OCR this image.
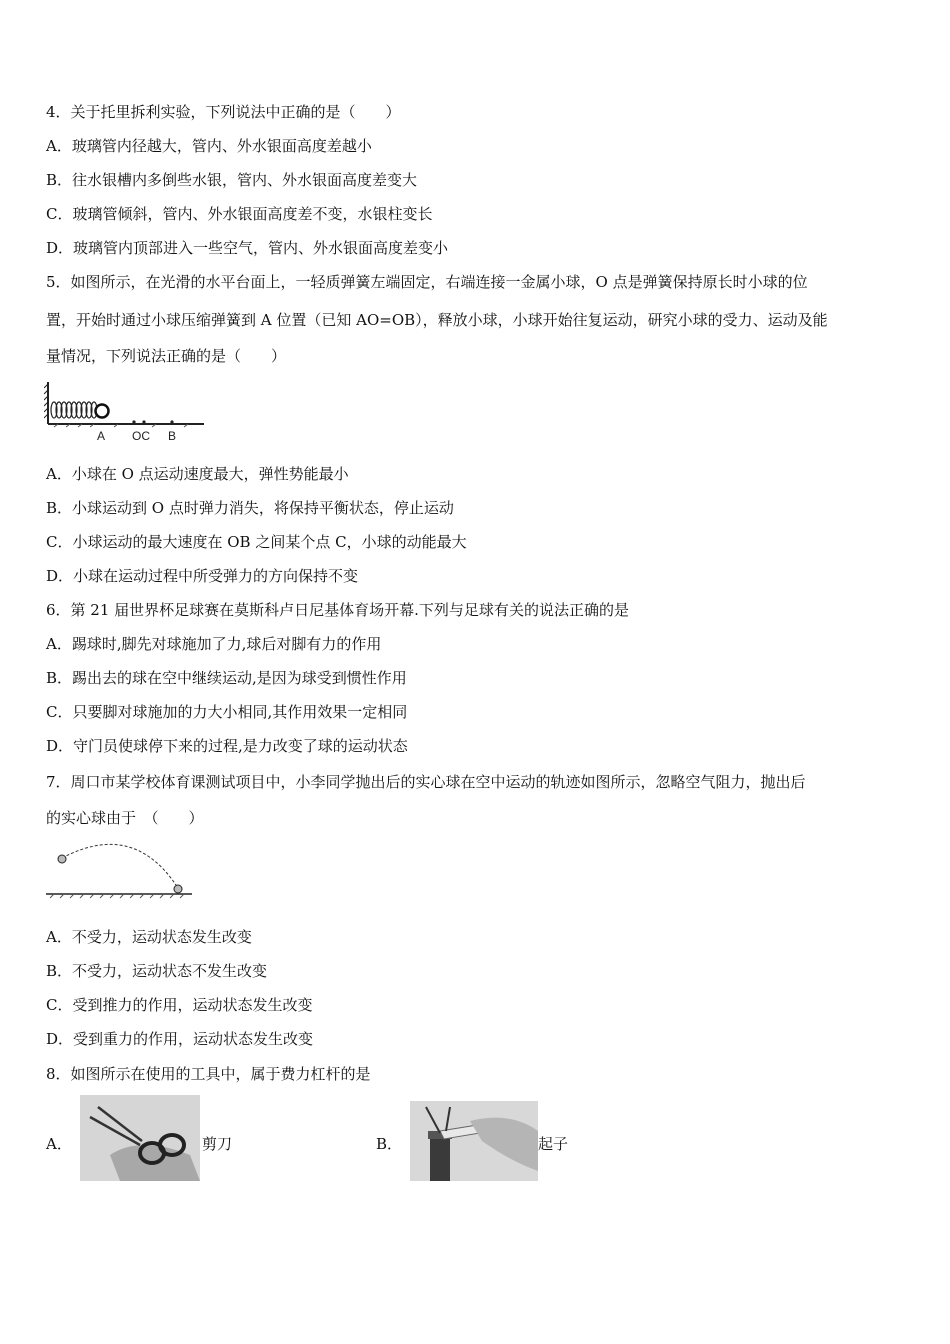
4．关于托里拆利实验，下列说法中正确的是（　　）
A．玻璃管内径越大，管内、外水银面高度差越小
B．往水银槽内多倒些水银，管内、外水银面高度差变大
C．玻璃管倾斜，管内、外水银面高度差不变，水银柱变长
D．玻璃管内顶部进入一些空气，管内、外水银面高度差变小
5．如图所示，在光滑的水平台面上，一轻质弹簧左端固定，右端连接一金属小球，O 点是弹簧保持原长时小球的位
置，开始时通过小球压缩弹簧到 A 位置（已知 AO=OB），释放小球，小球开始往复运动，研究小球的受力、运动及能
量情况，下列说法正确的是（　　）
A OC B
A．小球在 O 点运动速度最大，弹性势能最小
B．小球运动到 O 点时弹力消失，将保持平衡状态，停止运动
C．小球运动的最大速度在 OB 之间某个点 C，小球的动能最大
D．小球在运动过程中所受弹力的方向保持不变
6．第 21 届世界杯足球赛在莫斯科卢日尼基体育场开幕.下列与足球有关的说法正确的是
A．踢球时,脚先对球施加了力,球后对脚有力的作用
B．踢出去的球在空中继续运动,是因为球受到惯性作用
C．只要脚对球施加的力大小相同,其作用效果一定相同
D．守门员使球停下来的过程,是力改变了球的运动状态
7．周口市某学校体育课测试项目中，小李同学抛出后的实心球在空中运动的轨迹如图所示，忽略空气阻力，抛出后
的实心球由于　（　　）
A．不受力，运动状态发生改变
B．不受力，运动状态不发生改变
C．受到推力的作用，运动状态发生改变
D．受到重力的作用，运动状态发生改变
8．如图所示在使用的工具中，属于费力杠杆的是
A．	剪刀	B．	起子
